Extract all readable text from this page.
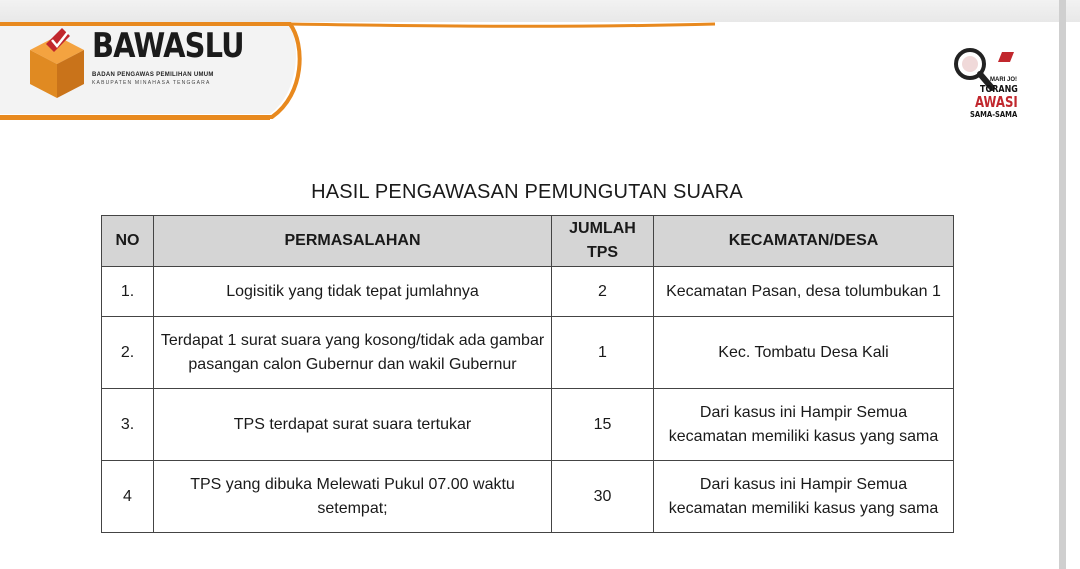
BAWASLU
BADAN PENGAWAS PEMILIHAN UMUM
KABUPATEN MINAHASA TENGGARA	MARI JO!
TORANG
AWASI
SAMA-SAMA
HASIL PENGAWASAN PEMUNGUTAN SUARA
NO	PERMASALAHAN	JUMLAH TPS	KECAMATAN/DESA
1.	Logisitik yang tidak tepat jumlahnya	2	Kecamatan Pasan, desa tolumbukan 1
2.	Terdapat 1 surat suara yang kosong/tidak ada gambar pasangan calon Gubernur dan wakil Gubernur	1	Kec. Tombatu Desa Kali
3.	TPS terdapat surat suara tertukar	15	Dari kasus ini Hampir Semua kecamatan memiliki kasus yang sama
4	TPS yang dibuka Melewati Pukul 07.00 waktu setempat;	30	Dari kasus ini Hampir Semua kecamatan memiliki kasus yang sama
